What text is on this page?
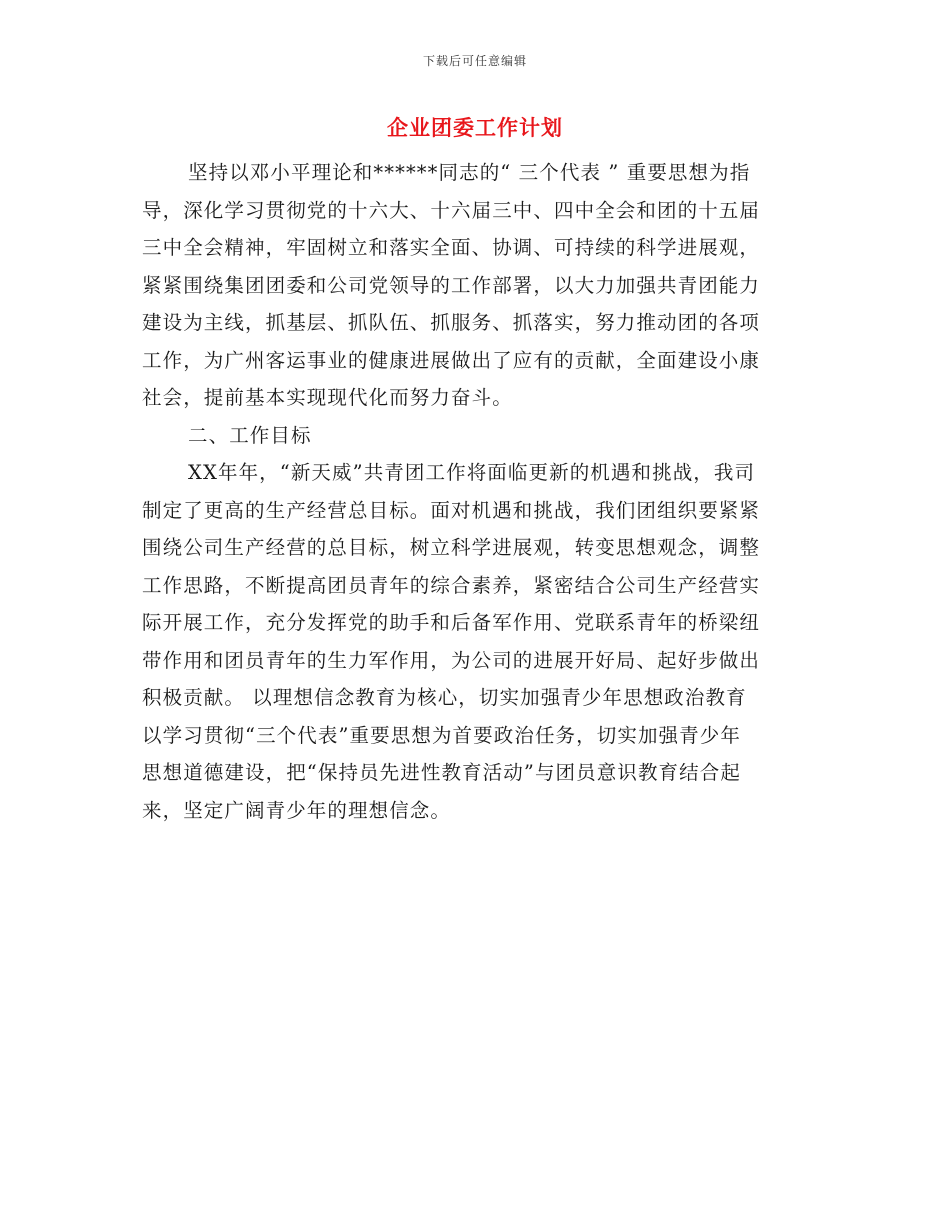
下载后可任意编辑
企业团委工作计划
坚持以邓小平理论和******同志的“ 三个代表 ” 重要思想为指
导，深化学习贯彻党的十六大、十六届三中、四中全会和团的十五届
三中全会精神，牢固树立和落实全面、协调、可持续的科学进展观，
紧紧围绕集团团委和公司党领导的工作部署，以大力加强共青团能力
建设为主线，抓基层、抓队伍、抓服务、抓落实，努力推动团的各项
工作，为广州客运事业的健康进展做出了应有的贡献，全面建设小康
社会，提前基本实现现代化而努力奋斗。
二、工作目标
XX年年，“新天威”共青团工作将面临更新的机遇和挑战，我司
制定了更高的生产经营总目标。面对机遇和挑战，我们团组织要紧紧
围绕公司生产经营的总目标，树立科学进展观，转变思想观念，调整
工作思路，不断提高团员青年的综合素养，紧密结合公司生产经营实
际开展工作，充分发挥党的助手和后备军作用、党联系青年的桥梁纽
带作用和团员青年的生力军作用，为公司的进展开好局、起好步做出
积极贡献。 以理想信念教育为核心，切实加强青少年思想政治教育
以学习贯彻“三个代表”重要思想为首要政治任务，切实加强青少年
思想道德建设，把“保持员先进性教育活动”与团员意识教育结合起
来，坚定广阔青少年的理想信念。
